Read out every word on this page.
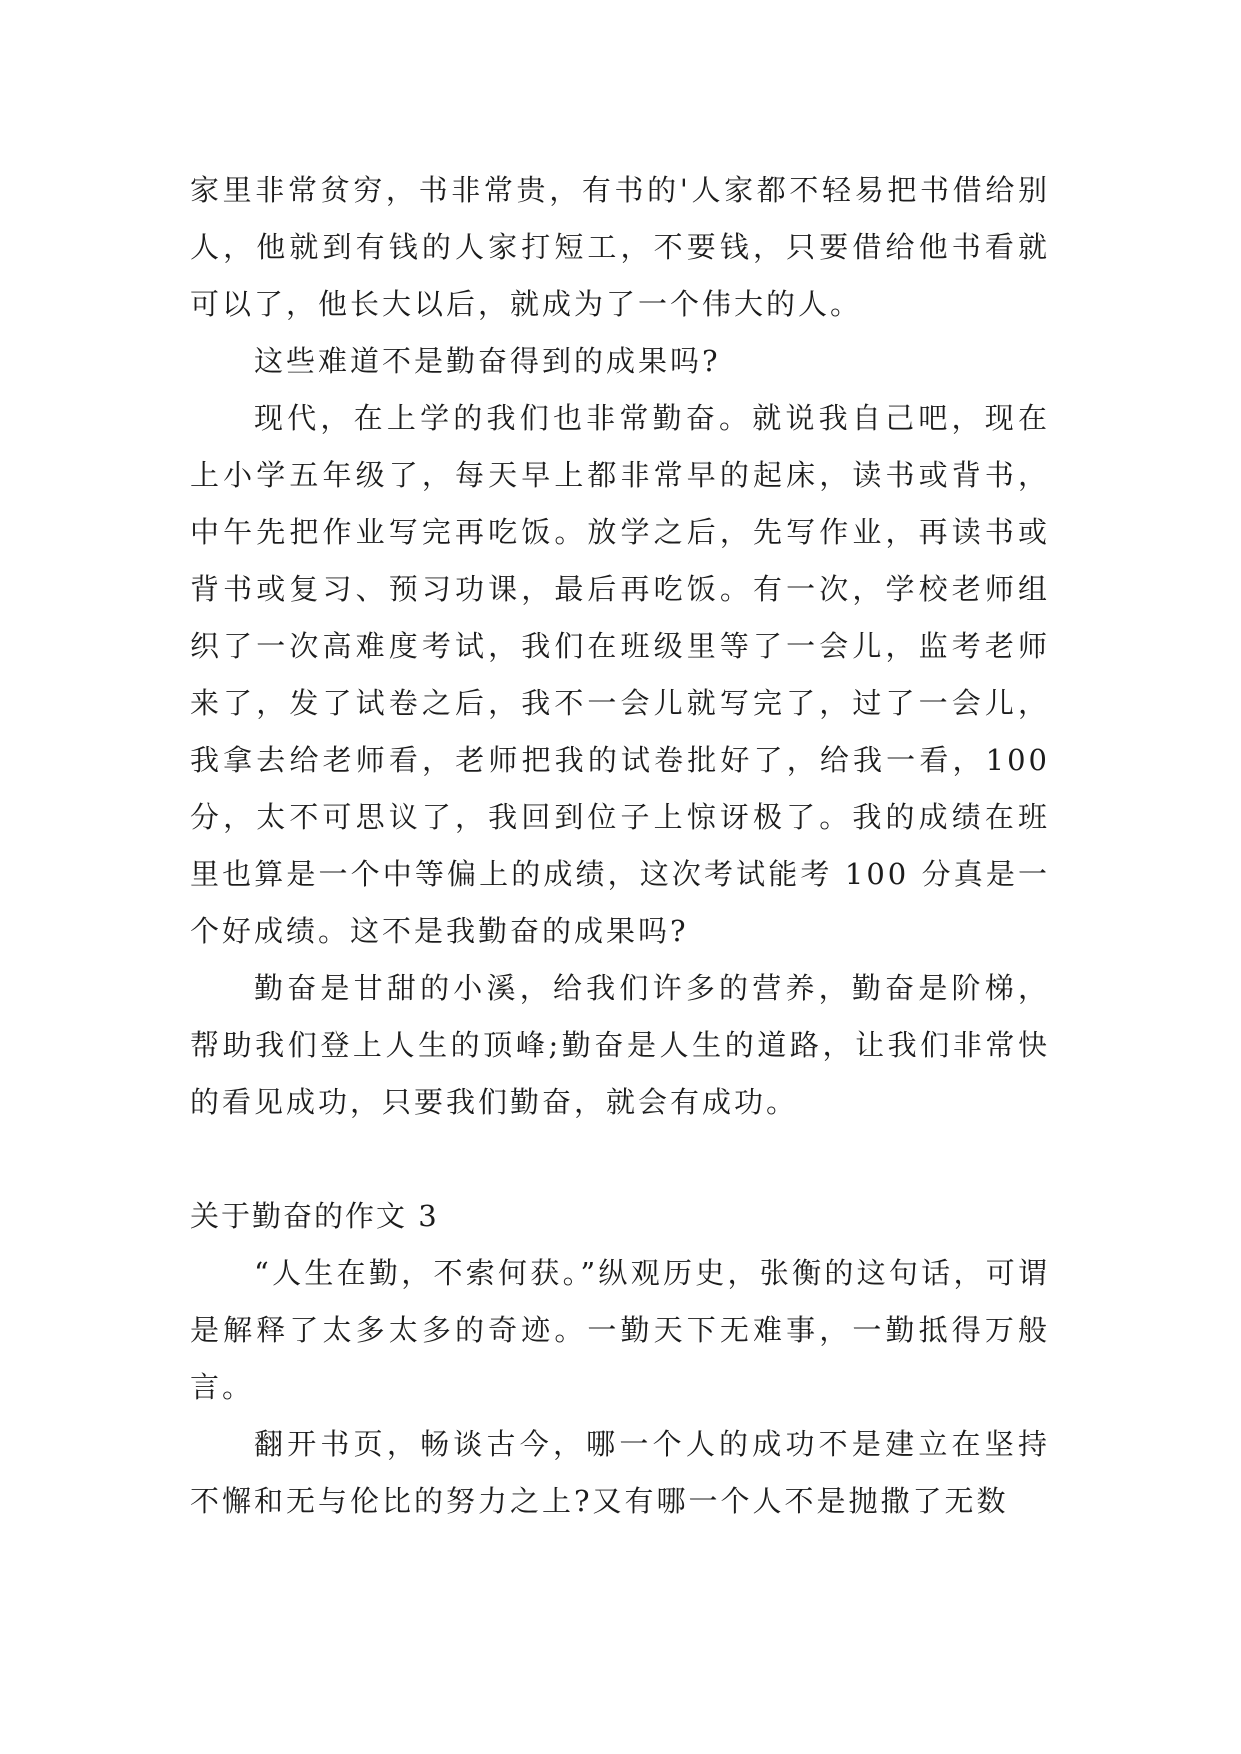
家里非常贫穷，书非常贵，有书的'人家都不轻易把书借给别人，他就到有钱的人家打短工，不要钱，只要借给他书看就可以了，他长大以后，就成为了一个伟大的人。

这些难道不是勤奋得到的成果吗?

现代，在上学的我们也非常勤奋。就说我自己吧，现在上小学五年级了，每天早上都非常早的起床，读书或背书，中午先把作业写完再吃饭。放学之后，先写作业，再读书或背书或复习、预习功课，最后再吃饭。有一次，学校老师组织了一次高难度考试，我们在班级里等了一会儿，监考老师来了，发了试卷之后，我不一会儿就写完了，过了一会儿，我拿去给老师看，老师把我的试卷批好了，给我一看，100分，太不可思议了，我回到位子上惊讶极了。我的成绩在班里也算是一个中等偏上的成绩，这次考试能考 100 分真是一个好成绩。这不是我勤奋的成果吗?

勤奋是甘甜的小溪，给我们许多的营养，勤奋是阶梯，帮助我们登上人生的顶峰;勤奋是人生的道路，让我们非常快的看见成功，只要我们勤奋，就会有成功。

关于勤奋的作文 3

“人生在勤，不索何获。”纵观历史，张衡的这句话，可谓是解释了太多太多的奇迹。一勤天下无难事，一勤抵得万般言。

翻开书页，畅谈古今，哪一个人的成功不是建立在坚持不懈和无与伦比的努力之上?又有哪一个人不是抛撒了无数
